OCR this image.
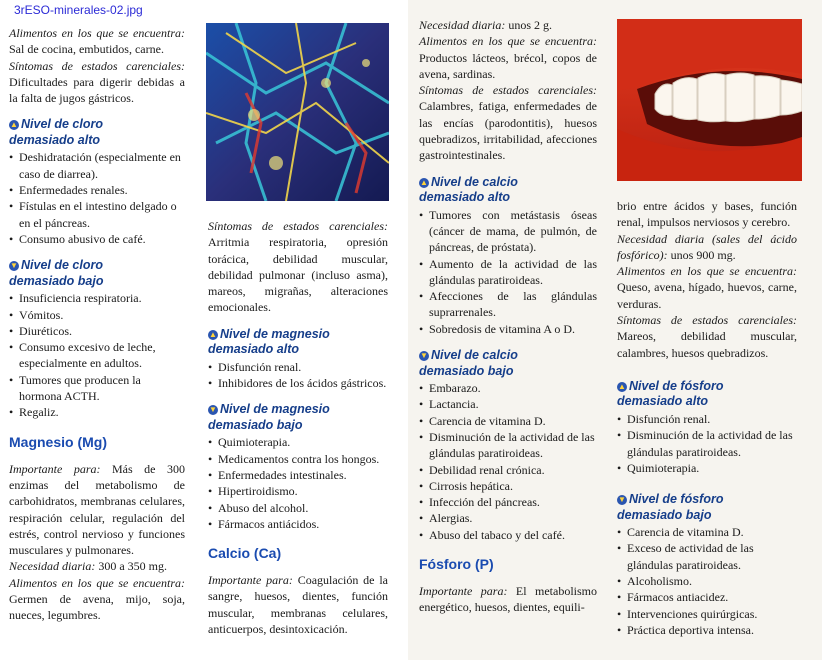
3rESO-minerales-02.jpg

Alimentos en los que se encuentra: Sal de cocina, embutidos, carne.

Síntomas de estados carenciales: Dificultades para digerir debidas a la falta de jugos gástricos.

▲ Nivel de cloro
demasiado alto
• Deshidratación (especialmente en caso de diarrea).
• Enfermedades renales.
• Fístulas en el intestino delgado o en el páncreas.
• Consumo abusivo de café.
▼ Nivel de cloro
demasiado bajo
• Insuficiencia respiratoria.
• Vómitos.
• Diuréticos.
• Consumo excesivo de leche, especialmente en adultos.
• Tumores que producen la hormona ACTH.
• Regaliz.
Magnesio (Mg)

Importante para: Más de 300 enzimas del metabolismo de carbohidratos, membranas celulares, respiración celular, regulación del estrés, control nervioso y funciones musculares y pulmonares.

Necesidad diaria: 300 a 350 mg.

Alimentos en los que se encuentra: Germen de avena, mijo, soja, nueces, legumbres.

Síntomas de estados carenciales: Arritmia respiratoria, opresión torácica, debilidad muscular, debilidad pulmonar (incluso asma), mareos, migrañas, alteraciones emocionales.

▲ Nivel de magnesio
demasiado alto
• Disfunción renal.
• Inhibidores de los ácidos gástricos.
▼ Nivel de magnesio
demasiado bajo
• Quimioterapia.
• Medicamentos contra los hongos.
• Enfermedades intestinales.
• Hipertiroidismo.
• Abuso del alcohol.
• Fármacos antiácidos.
Calcio (Ca)

Importante para: Coagulación de la sangre, huesos, dientes, función muscular, membranas celulares, anticuerpos, desintoxicación.

Necesidad diaria: unos 2 g.

Alimentos en los que se encuentra: Productos lácteos, brécol, copos de avena, sardinas.

Síntomas de estados carenciales: Calambres, fatiga, enfermedades de las encías (parodontitis), huesos quebradizos, irritabilidad, afecciones gastrointestinales.

▲ Nivel de calcio
demasiado alto
• Tumores con metástasis óseas (cáncer de mama, de pulmón, de páncreas, de próstata).
• Aumento de la actividad de las glándulas paratiroideas.
• Afecciones de las glándulas suprarrenales.
• Sobredosis de vitamina A o D.
▼ Nivel de calcio
demasiado bajo
• Embarazo.
• Lactancia.
• Carencia de vitamina D.
• Disminución de la actividad de las glándulas paratiroideas.
• Debilidad renal crónica.
• Cirrosis hepática.
• Infección del páncreas.
• Alergias.
• Abuso del tabaco y del café.
Fósforo (P)

Importante para: El metabolismo energético, huesos, dientes, equili-

brio entre ácidos y bases, función renal, impulsos nerviosos y cerebro.

Necesidad diaria (sales del ácido fosfórico): unos 900 mg.

Alimentos en los que se encuentra: Queso, avena, hígado, huevos, carne, verduras.

Síntomas de estados carenciales: Mareos, debilidad muscular, calambres, huesos quebradizos.

▲ Nivel de fósforo
demasiado alto
• Disfunción renal.
• Disminución de la actividad de las glándulas paratiroideas.
• Quimioterapia.
▼ Nivel de fósforo
demasiado bajo
• Carencia de vitamina D.
• Exceso de actividad de las glándulas paratiroideas.
• Alcoholismo.
• Fármacos antiacidez.
• Intervenciones quirúrgicas.
• Práctica deportiva intensa.
